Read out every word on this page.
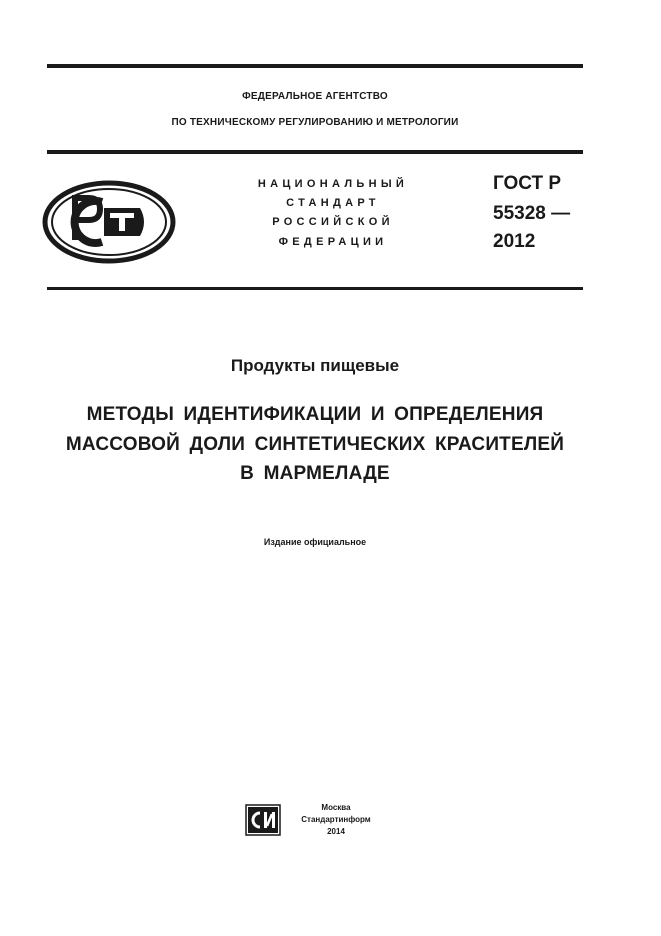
ФЕДЕРАЛЬНОЕ АГЕНТСТВО
ПО ТЕХНИЧЕСКОМУ РЕГУЛИРОВАНИЮ И МЕТРОЛОГИИ
НАЦИОНАЛЬНЫЙ
СТАНДАРТ
РОССИЙСКОЙ
ФЕДЕРАЦИИ
ГОСТ Р
55328 —
2012
Продукты пищевые
МЕТОДЫ ИДЕНТИФИКАЦИИ И ОПРЕДЕЛЕНИЯ
МАССОВОЙ ДОЛИ СИНТЕТИЧЕСКИХ КРАСИТЕЛЕЙ
В МАРМЕЛАДЕ
Издание официальное
Москва
Стандартинформ
2014
